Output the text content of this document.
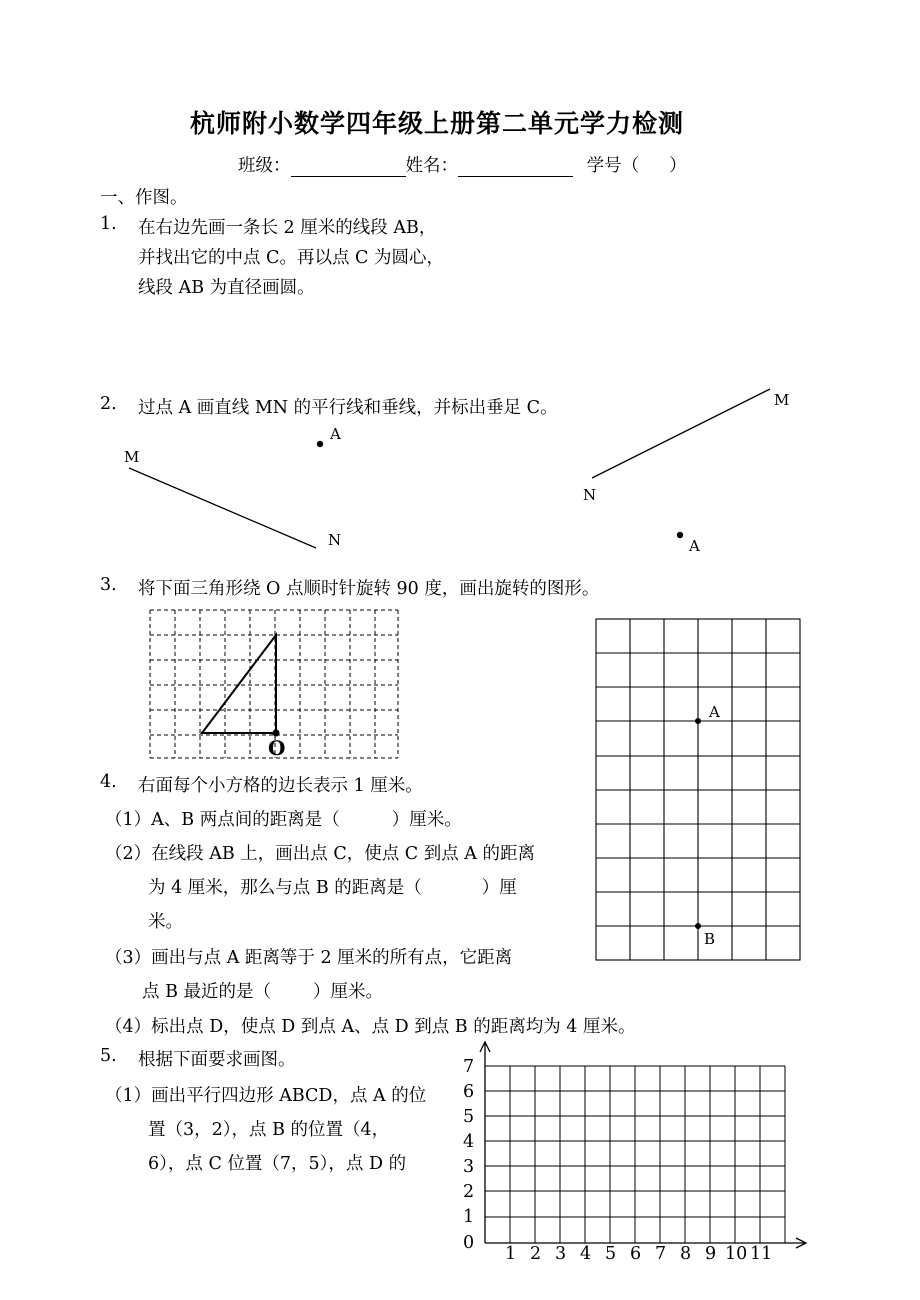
杭师附小数学四年级上册第二单元学力检测
班级：	姓名：	学号（ ）
一、作图。
1. 在右边先画一条长 2 厘米的线段 AB，
并找出它的中点 C。再以点 C 为圆心，
线段 AB 为直径画圆。
2. 过点 A 画直线 MN 的平行线和垂线，并标出垂足 C。
M
N
A
M
N
A
3. 将下面三角形绕 O 点顺时针旋转 90 度，画出旋转的图形。
O
A
B
4. 右面每个小方格的边长表示 1 厘米。
（1）A、B 两点间的距离是（	）厘米。
（2）在线段 AB 上，画出点 C，使点 C 到点 A 的距离
为 4 厘米，那么与点 B 的距离是（	）厘
米。
（3）画出与点 A 距离等于 2 厘米的所有点，它距离
点 B 最近的是（ ）厘米。
（4）标出点 D，使点 D 到点 A、点 D 到点 B 的距离均为 4 厘米。
5. 根据下面要求画图。
（1）画出平行四边形 ABCD，点 A 的位
置（3，2），点 B 的位置（4，
6），点 C 位置（7，5），点 D 的
0
1 2 3 4 5 6 7 8 9 10 11
1
2
3
4
5
6
7
